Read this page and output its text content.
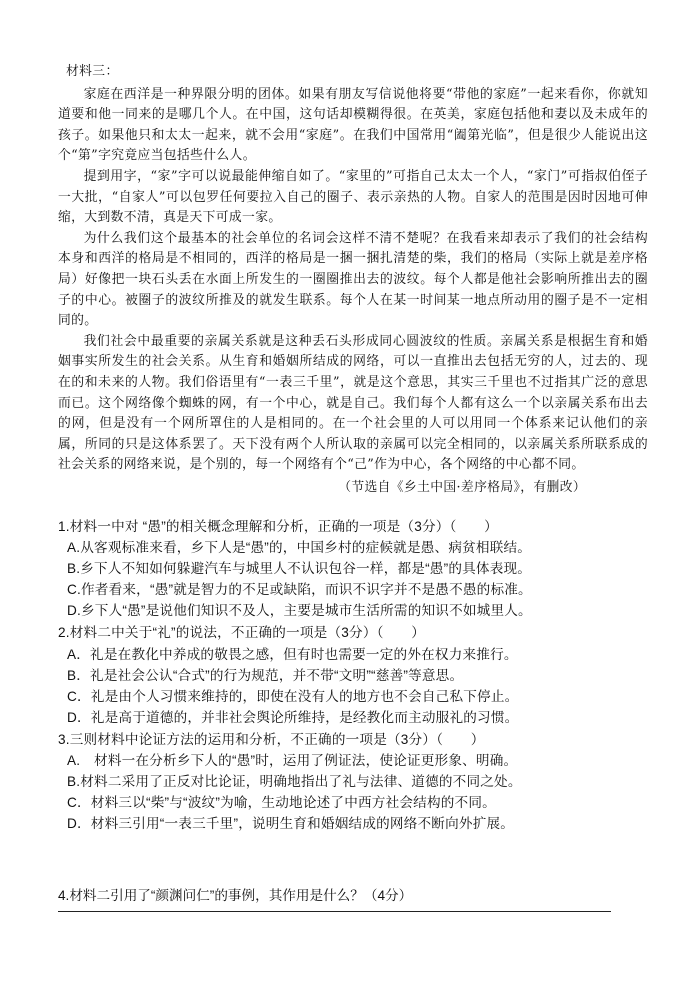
材料三：

家庭在西洋是一种界限分明的团体。如果有朋友写信说他将要“带他的家庭”一起来看你，你就知道要和他一同来的是哪几个人。在中国，这句话却模糊得很。在英美，家庭包括他和妻以及未成年的孩子。如果他只和太太一起来，就不会用“家庭”。在我们中国常用“阖第光临”，但是很少人能说出这个“第”字究竟应当包括些什么人。

提到用字，“家”字可以说最能伸缩自如了。“家里的”可指自己太太一个人，“家门”可指叔伯侄子一大批，“自家人”可以包罗任何要拉入自己的圈子、表示亲热的人物。自家人的范围是因时因地可伸缩，大到数不清，真是天下可成一家。

为什么我们这个最基本的社会单位的名词会这样不清不楚呢？在我看来却表示了我们的社会结构本身和西洋的格局是不相同的，西洋的格局是一捆一捆扎清楚的柴，我们的格局（实际上就是差序格局）好像把一块石头丢在水面上所发生的一圈圈推出去的波纹。每个人都是他社会影响所推出去的圈子的中心。被圈子的波纹所推及的就发生联系。每个人在某一时间某一地点所动用的圈子是不一定相同的。

我们社会中最重要的亲属关系就是这种丢石头形成同心圆波纹的性质。亲属关系是根据生育和婚姻事实所发生的社会关系。从生育和婚姻所结成的网络，可以一直推出去包括无穷的人，过去的、现在的和未来的人物。我们俗语里有“一表三千里”，就是这个意思，其实三千里也不过指其广泛的意思而已。这个网络像个蜘蛛的网，有一个中心，就是自己。我们每个人都有这么一个以亲属关系布出去的网，但是没有一个网所罩住的人是相同的。在一个社会里的人可以用同一个体系来记认他们的亲属，所同的只是这体系罢了。天下没有两个人所认取的亲属可以完全相同的，以亲属关系所联系成的社会关系的网络来说，是个别的，每一个网络有个“己”作为中心，各个网络的中心都不同。

（节选自《乡土中国·差序格局》，有删改）

1.材料一中对 “愚”的相关概念理解和分析，正确的一项是（3分）（　　）

A.从客观标准来看，乡下人是“愚”的，中国乡村的症候就是愚、病贫相联结。

B.乡下人不知如何躲避汽车与城里人不认识包谷一样，都是“愚”的具体表现。

C.作者看来，“愚”就是智力的不足或缺陷，而识不识字并不是愚不愚的标准。

D.乡下人“愚”是说他们知识不及人，主要是城市生活所需的知识不如城里人。

2.材料二中关于“礼”的说法，不正确的一项是（3分）（　　）

A．礼是在教化中养成的敬畏之感，但有时也需要一定的外在权力来推行。

B．礼是社会公认“合式”的行为规范，并不带“文明”“慈善”等意思。

C．礼是由个人习惯来维持的，即使在没有人的地方也不会自己私下停止。

D．礼是高于道德的，并非社会舆论所维持，是经教化而主动服礼的习惯。

3.三则材料中论证方法的运用和分析，不正确的一项是（3分）（　　）

A.　材料一在分析乡下人的“愚”时，运用了例证法，使论证更形象、明确。

B.材料二采用了正反对比论证，明确地指出了礼与法律、道德的不同之处。

C．材料三以“柴”与“波纹”为喻，生动地论述了中西方社会结构的不同。

D．材料三引用“一表三千里”，说明生育和婚姻结成的网络不断向外扩展。

4.材料二引用了“颜渊问仁”的事例，其作用是什么？（4分）
